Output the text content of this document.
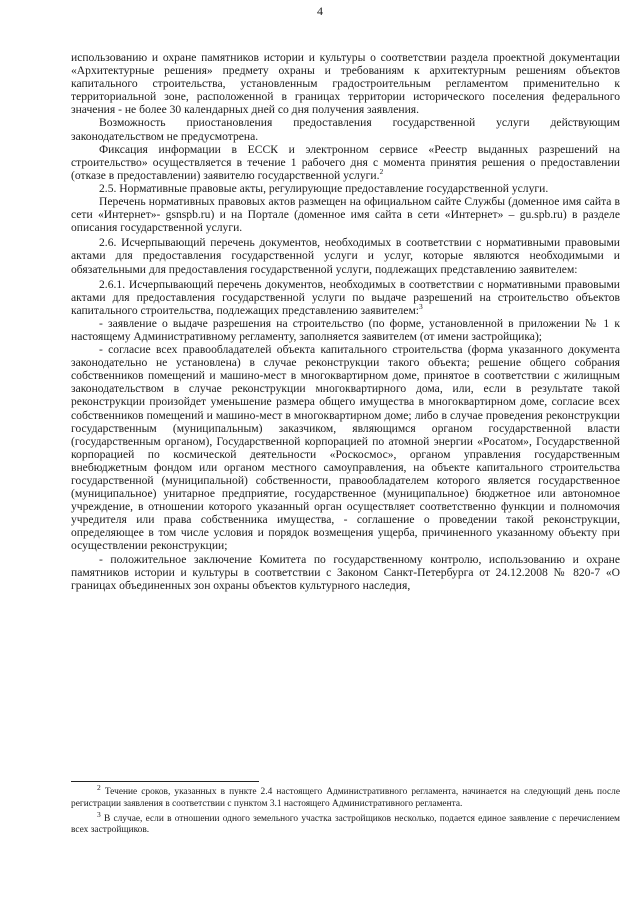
4

использованию и охране памятников истории и культуры о соответствии раздела проектной документации «Архитектурные решения» предмету охраны и требованиям к архитектурным решениям объектов капитального строительства, установленным градостроительным регламентом применительно к территориальной зоне, расположенной в границах территории исторического поселения федерального значения - не более 30 календарных дней со дня получения заявления.

Возможность приостановления предоставления государственной услуги действующим законодательством не предусмотрена.

Фиксация информации в ЕССК и электронном сервисе «Реестр выданных разрешений на строительство» осуществляется в течение 1 рабочего дня с момента принятия решения о предоставлении (отказе в предоставлении) заявителю государственной услуги.$^2$

2.5. Нормативные правовые акты, регулирующие предоставление государственной услуги.

Перечень нормативных правовых актов размещен на официальном сайте Службы (доменное имя сайта в сети «Интернет»- gsnspb.ru) и на Портале (доменное имя сайта в сети «Интернет» – gu.spb.ru) в разделе описания государственной услуги.

2.6. Исчерпывающий перечень документов, необходимых в соответствии с нормативными правовыми актами для предоставления государственной услуги и услуг, которые являются необходимыми и обязательными для предоставления государственной услуги, подлежащих представлению заявителем:

2.6.1. Исчерпывающий перечень документов, необходимых в соответствии с нормативными правовыми актами для предоставления государственной услуги по выдаче разрешений на строительство объектов капитального строительства, подлежащих представлению заявителем:$^3$

- заявление о выдаче разрешения на строительство (по форме, установленной в приложении № 1 к настоящему Административному регламенту, заполняется заявителем (от имени застройщика);

- согласие всех правообладателей объекта капитального строительства (форма указанного документа законодательно не установлена) в случае реконструкции такого объекта; решение общего собрания собственников помещений и машино-мест в многоквартирном доме, принятое в соответствии с жилищным законодательством в случае реконструкции многоквартирного дома, или, если в результате такой реконструкции произойдет уменьшение размера общего имущества в многоквартирном доме, согласие всех собственников помещений и машино-мест в многоквартирном доме; либо в случае проведения реконструкции государственным (муниципальным) заказчиком, являющимся органом государственной власти (государственным органом), Государственной корпорацией по атомной энергии «Росатом», Государственной корпорацией по космической деятельности «Роскосмос», органом управления государственным внебюджетным фондом или органом местного самоуправления, на объекте капитального строительства государственной (муниципальной) собственности, правообладателем которого является государственное (муниципальное) унитарное предприятие, государственное (муниципальное) бюджетное или автономное учреждение, в отношении которого указанный орган осуществляет соответственно функции и полномочия учредителя или права собственника имущества, - соглашение о проведении такой реконструкции, определяющее в том числе условия и порядок возмещения ущерба, причиненного указанному объекту при осуществлении реконструкции;

- положительное заключение Комитета по государственному контролю, использованию и охране памятников истории и культуры в соответствии с Законом Санкт-Петербурга от 24.12.2008 № 820-7 «О границах объединенных зон охраны объектов культурного наследия,

$^2$ Течение сроков, указанных в пункте 2.4 настоящего Административного регламента, начинается на следующий день после регистрации заявления в соответствии с пунктом 3.1 настоящего Административного регламента.

$^3$ В случае, если в отношении одного земельного участка застройщиков несколько, подается единое заявление с перечислением всех застройщиков.
